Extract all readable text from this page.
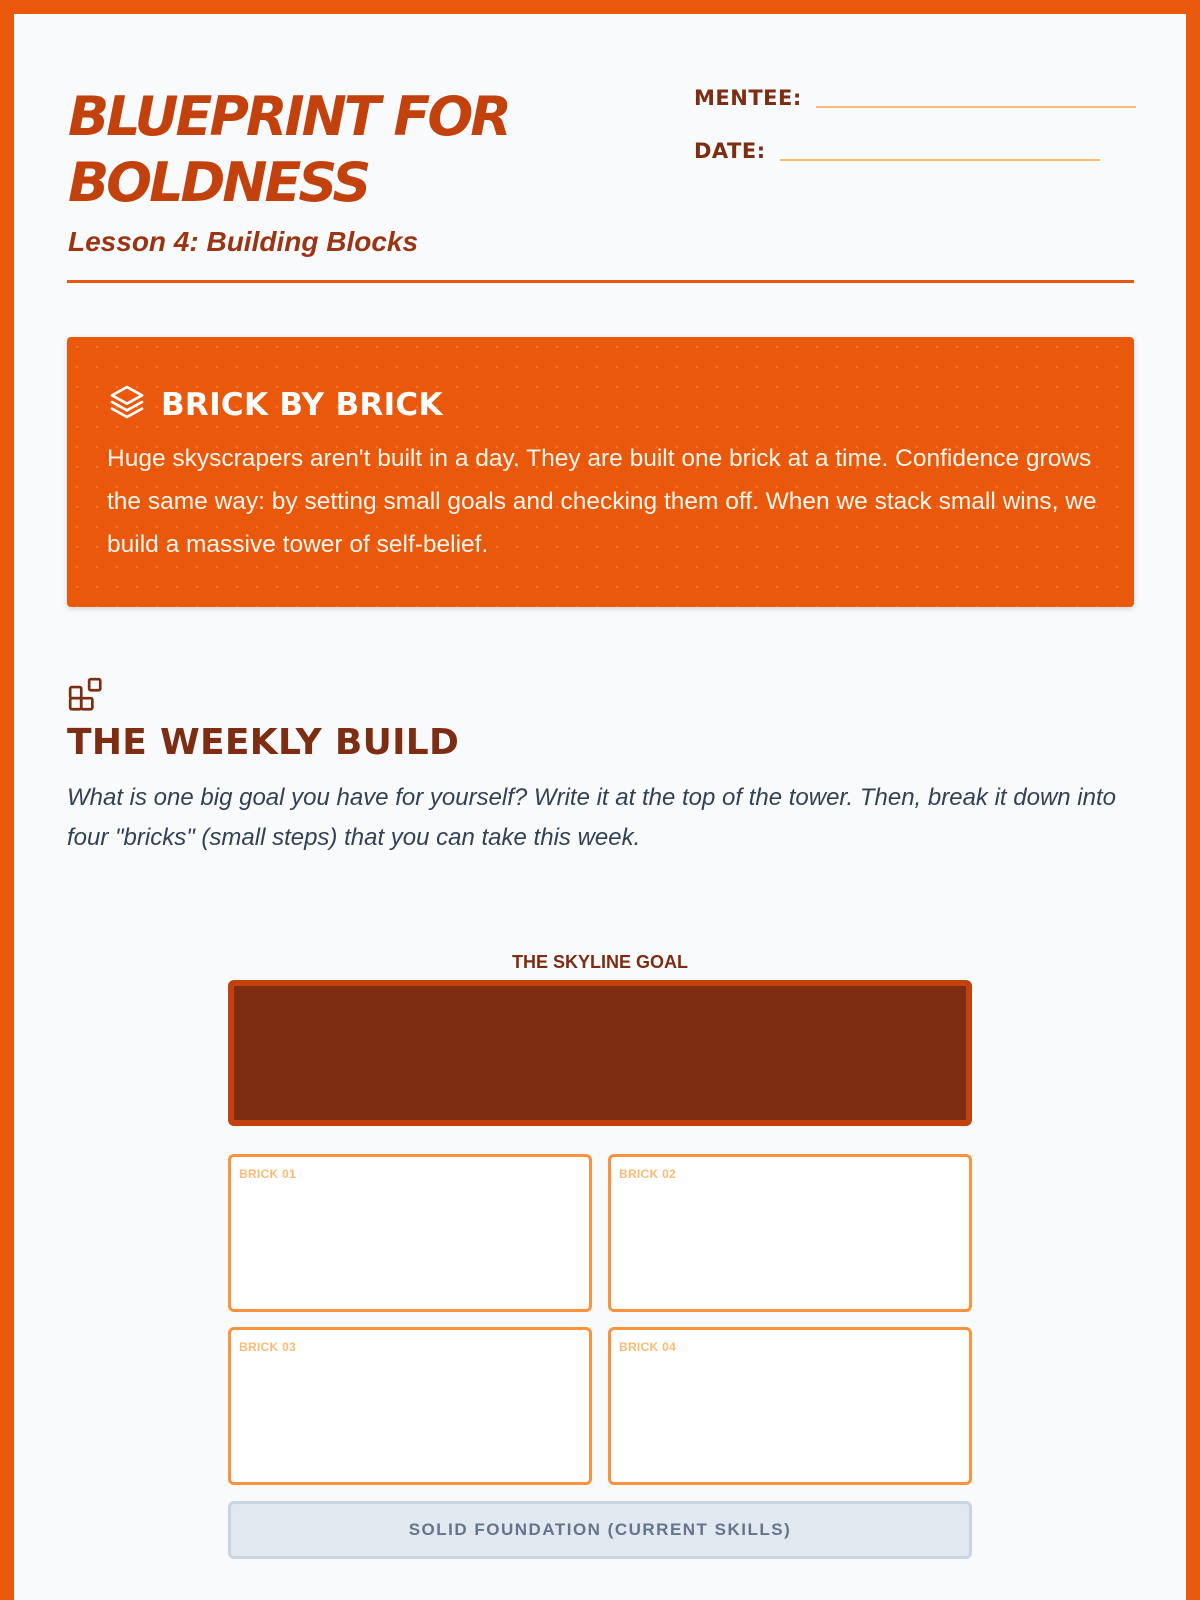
BLUEPRINT FOR BOLDNESS
Lesson 4: Building Blocks
MENTEE:
DATE:
BRICK BY BRICK
Huge skyscrapers aren't built in a day. They are built one brick at a time. Confidence grows the same way: by setting small goals and checking them off. When we stack small wins, we build a massive tower of self-belief.
THE WEEKLY BUILD
What is one big goal you have for yourself? Write it at the top of the tower. Then, break it down into four "bricks" (small steps) that you can take this week.
THE SKYLINE GOAL
BRICK 01	BRICK 02
BRICK 03	BRICK 04
SOLID FOUNDATION (CURRENT SKILLS)
